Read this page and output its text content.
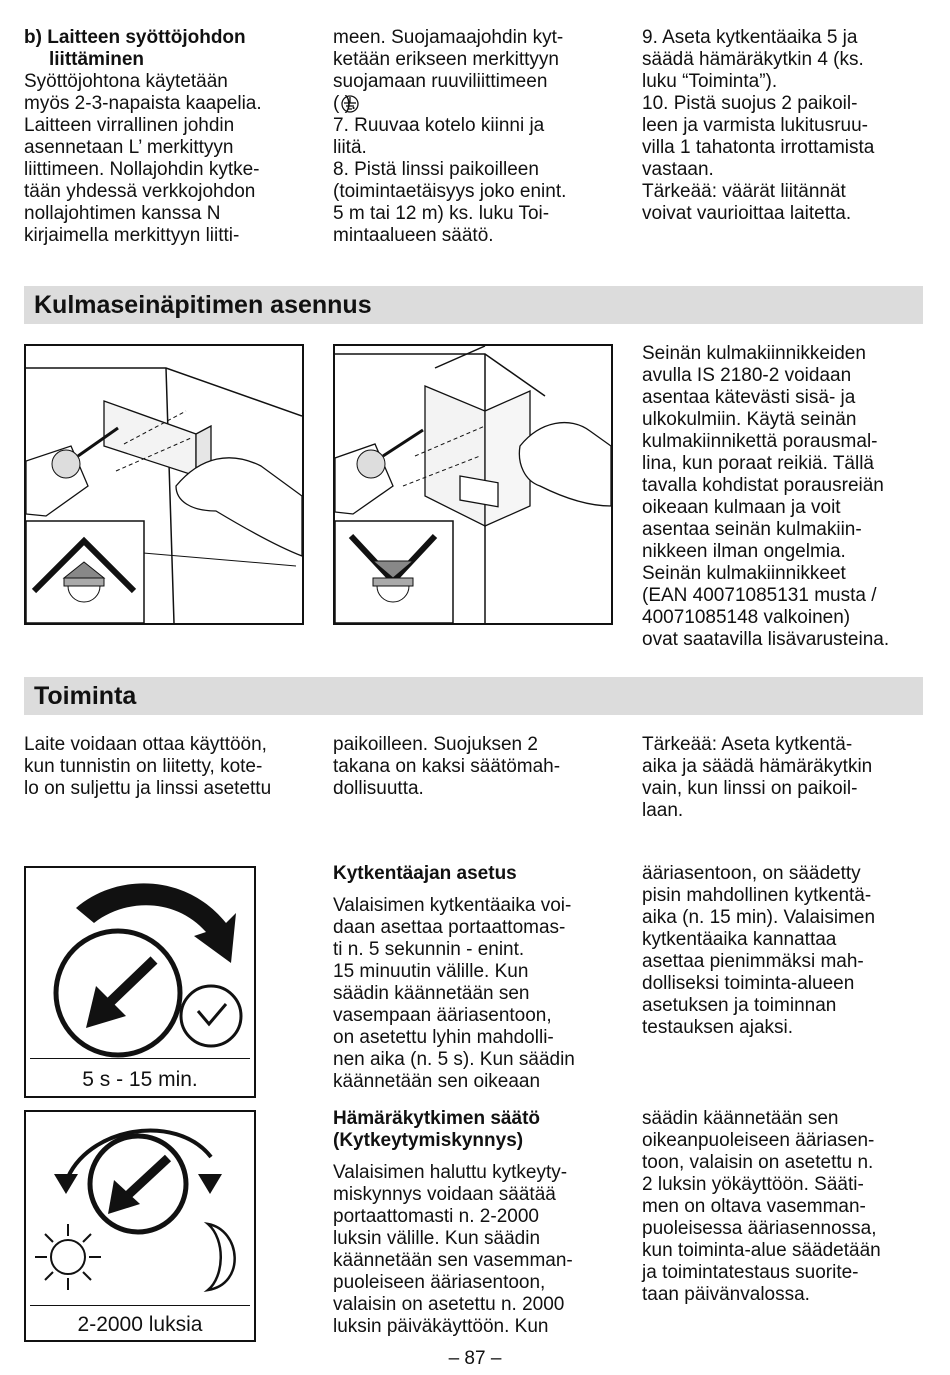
b) Laitteen syöttöjohdon
liittäminen
Syöttöjohtona käytetään
myös 2-3-napaista kaapelia.
Laitteen virrallinen johdin
asennetaan L’ merkittyyn
liittimeen. Nollajohdin kytke-
tään yhdessä verkkojohdon
nollajohtimen kanssa N
kirjaimella merkittyyn liitti-
meen. Suojamaajohdin kyt-
ketään erikseen merkittyyn
suojamaan ruuviliittimeen
( ).
7. Ruuvaa kotelo kiinni ja
liitä.
8. Pistä linssi paikoilleen
(toimintaetäisyys joko enint.
5 m tai 12 m) ks. luku Toi-
mintaalueen säätö.
9. Aseta kytkentäaika 5 ja
säädä hämäräkytkin 4 (ks.
luku “Toiminta”).
10. Pistä suojus 2 paikoil-
leen ja varmista lukitusruu-
villa 1 tahatonta irrottamista
vastaan.
Tärkeää: väärät liitännät
voivat vaurioittaa laitetta.
Kulmaseinäpitimen asennus
Seinän kulmakiinnikkeiden
avulla IS 2180-2 voidaan
asentaa kätevästi sisä- ja
ulkokulmiin. Käytä seinän
kulmakiinnikettä porausmal-
lina, kun poraat reikiä. Tällä
tavalla kohdistat porausreiän
oikeaan kulmaan ja voit
asentaa seinän kulmakiin-
nikkeen ilman ongelmia.
Seinän kulmakiinnikkeet
(EAN 40071085131 musta /
40071085148 valkoinen)
ovat saatavilla lisävarusteina.
Toiminta
Laite voidaan ottaa käyttöön,
kun tunnistin on liitetty, kote-
lo on suljettu ja linssi asetettu
paikoilleen. Suojuksen 2
takana on kaksi säätömah-
dollisuutta.
Tärkeää: Aseta kytkentä-
aika ja säädä hämäräkytkin
vain, kun linssi on paikoil-
laan.
5 s - 15 min.
Kytkentäajan asetus
Valaisimen kytkentäaika voi-
daan asettaa portaattomas-
ti n. 5 sekunnin - enint.
15 minuutin välille. Kun
säädin käännetään sen
vasempaan ääriasentoon,
on asetettu lyhin mahdolli-
nen aika (n. 5 s). Kun säädin
käännetään sen oikeaan
ääriasentoon, on säädetty
pisin mahdollinen kytkentä-
aika (n. 15 min). Valaisimen
kytkentäaika kannattaa
asettaa pienimmäksi mah-
dolliseksi toiminta-alueen
asetuksen ja toiminnan
testauksen ajaksi.
2-2000 luksia
Hämäräkytkimen säätö
(Kytkeytymiskynnys)
Valaisimen haluttu kytkeyty-
miskynnys voidaan säätää
portaattomasti n. 2-2000
luksin välille. Kun säädin
käännetään sen vasemman-
puoleiseen ääriasentoon,
valaisin on asetettu n. 2000
luksin päiväkäyttöön. Kun
säädin käännetään sen
oikeanpuoleiseen ääriasen-
toon, valaisin on asetettu n.
2 luksin yökäyttöön. Sääti-
men on oltava vasemman-
puoleisessa ääriasennossa,
kun toiminta-alue säädetään
ja toimintatestaus suorite-
taan päivänvalossa.
– 87 –
